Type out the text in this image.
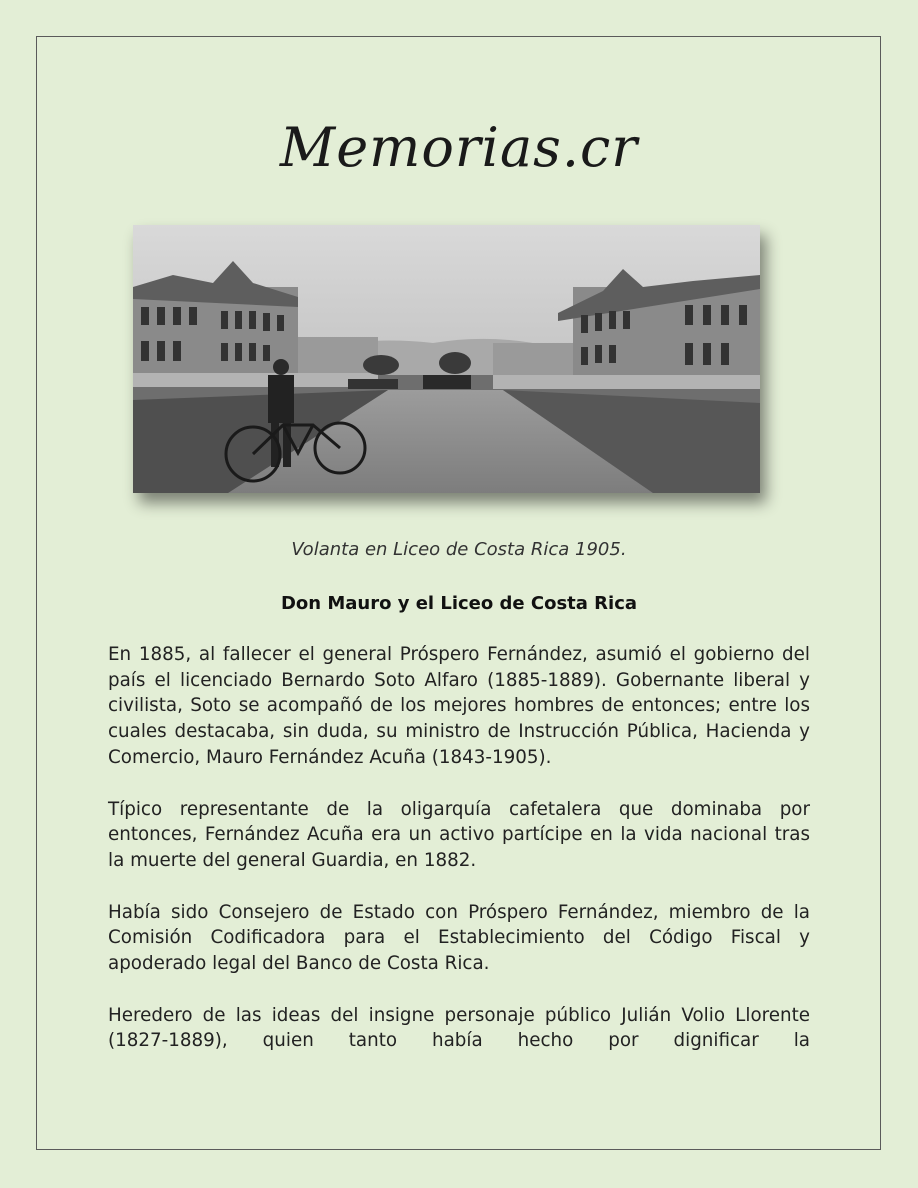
Memorias.cr
Volanta en Liceo de Costa Rica 1905.
Don Mauro y el Liceo de Costa Rica

En 1885, al fallecer el general Próspero Fernández, asumió el gobierno del país el licenciado Bernardo Soto Alfaro (1885-1889). Gobernante liberal y civilista, Soto se acompañó de los mejores hombres de entonces; entre los cuales destacaba, sin duda, su ministro de Instrucción Pública, Hacienda y Comercio, Mauro Fernández Acuña (1843-1905).

Típico representante de la oligarquía cafetalera que dominaba por entonces, Fernández Acuña era un activo partícipe en la vida nacional tras la muerte del general Guardia, en 1882.

Había sido Consejero de Estado con Próspero Fernández, miembro de la Comisión Codificadora para el Establecimiento del Código Fiscal y apoderado legal del Banco de Costa Rica.

Heredero de las ideas del insigne personaje público Julián Volio Llorente (1827-1889), quien tanto había hecho por dignificar la
